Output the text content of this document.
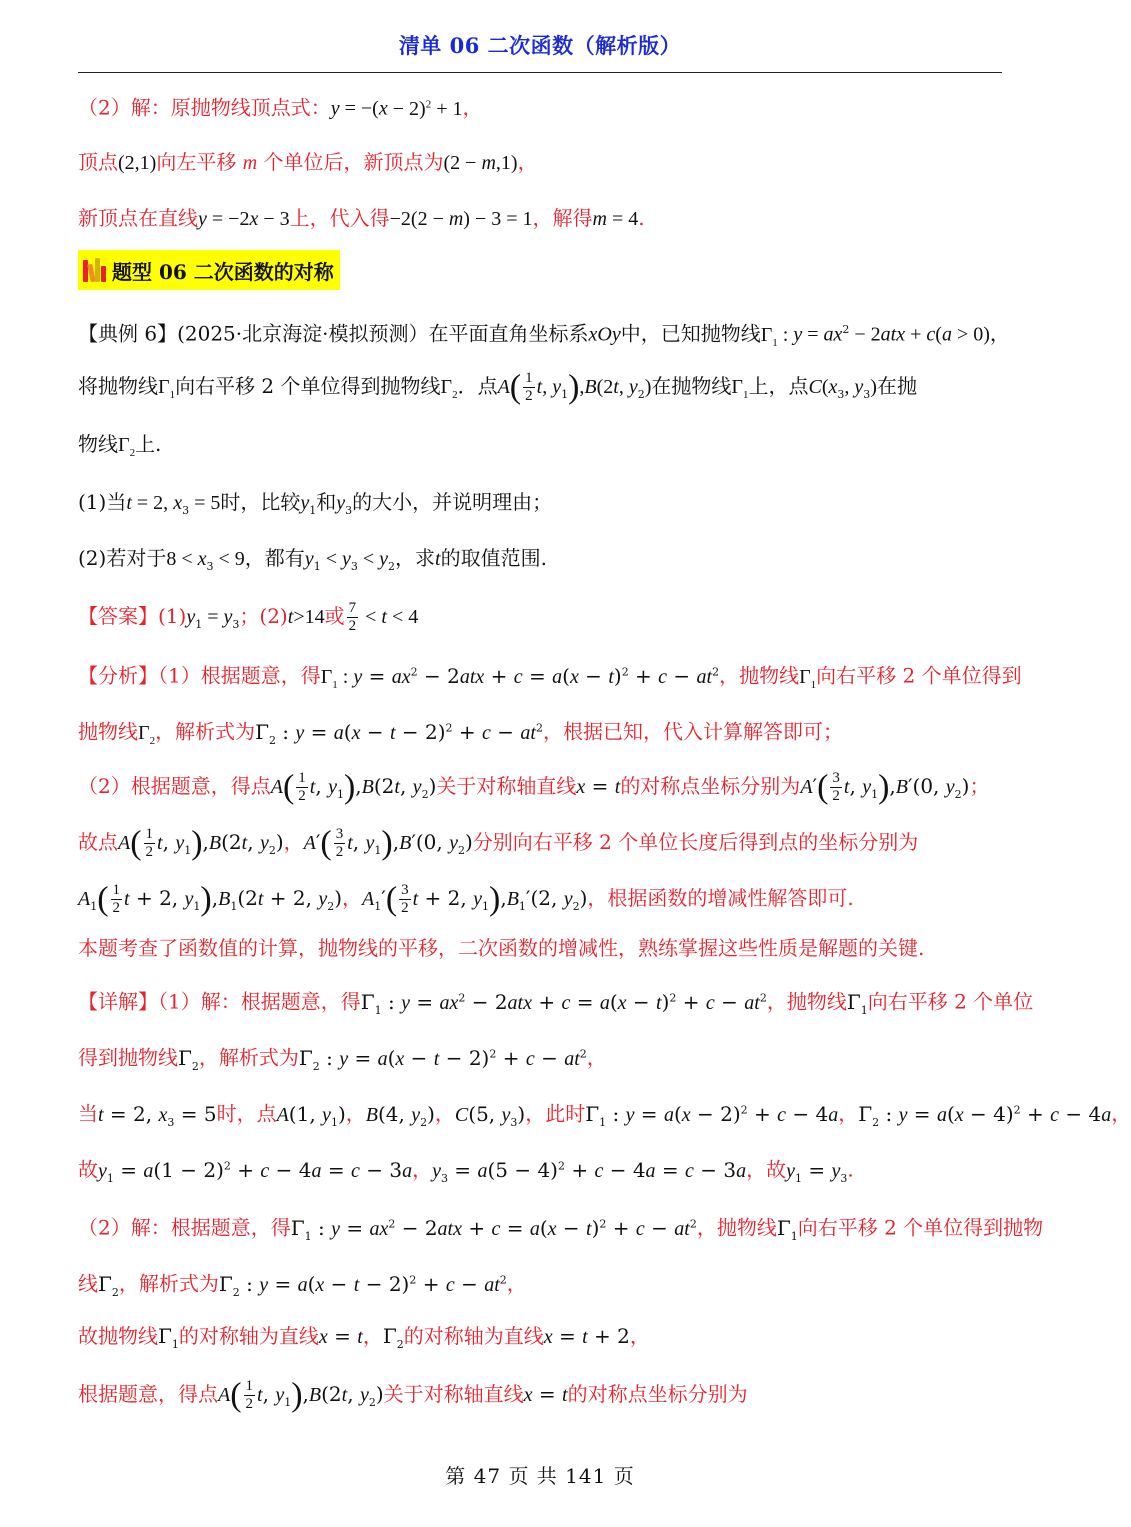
清单 06 二次函数（解析版）
（2）解：原抛物线顶点式：$y = -(x - 2)^2 + 1$，
顶点(2,1)向左平移 m 个单位后，新顶点为(2 − m,1)，
新顶点在直线y = −2x − 3上，代入得−2(2 − m) − 3 = 1，解得m = 4.
题型 06 二次函数的对称
【典例 6】(2025·北京海淀·模拟预测）在平面直角坐标系xOy中，已知抛物线$\Gamma_1$ : $y = ax^2 - 2atx + c(a > 0)$，
将抛物线$\Gamma_1$向右平移 2 个单位得到抛物线$\Gamma_2$．点$A( \frac{1}{2} t$, $y_1),B(2t$, $y_2$)在抛物线$\Gamma_1$上，点$C(x_3$, $y_3$)在抛
物线$\Gamma_2$上.
(1)当t = 2, $x_3 = 5$时，比较$y_1$和$y_3$的大小，并说明理由；
(2)若对于$8 < x_3 < 9$，都有$y_1 < y_3 < y_2$，求t的取值范围.
【答案】$(1)y_1 = y_3$；(2)t>14或 $\frac{7}{2} < t < 4$
【分析】（1）根据题意，得$\Gamma_1$ : $y = ax^2 - 2atx + c = a(x - t)^2 + c - at^2$，抛物线$\Gamma_1$向右平移 2 个单位得到
抛物线$\Gamma_2$，解析式为$\Gamma_2$ : $y = a(x - t - 2)^2 + c - at^2$，根据已知，代入计算解答即可；
（2）根据题意，得点$A( \frac{1}{2} t$, $y_1),B(2t$, $y_2$)关于对称轴直线x = t的对称点坐标分别为$A'( \frac{3}{2} t$, $y_1),B'(0$, $y_2$)；
故点$A( \frac{1}{2} t$, $y_1),B(2t$, $y_2$)，$A'( \frac{3}{2} t$, $y_1),B'(0$, $y_2$)分别向右平移 2 个单位长度后得到点的坐标分别为
$A_1( \frac{1}{2}$ t + 2, $y_1),B_1(2t + 2$, $y_2$)，$A_1'( \frac{3}{2}$ t + 2, $y_1),B_1'(2$, $y_2$)，根据函数的增减性解答即可.
本题考查了函数值的计算，抛物线的平移，二次函数的增减性，熟练掌握这些性质是解题的关键.
【详解】（1）解：根据题意，得$\Gamma_1$ : $y = ax^2 - 2atx + c = a(x - t)^2 + c - at^2$，抛物线$\Gamma_1$向右平移 2 个单位
得到抛物线$\Gamma_2$，解析式为$\Gamma_2$ : $y = a(x - t - 2)^2 + c - at^2$，
当t = 2, $x_3 = 5$时，点A(1, $y_1$)，B(4, $y_2$)，C(5, $y_3$)，此时$\Gamma_1$ : $y = a(x - 2)^2 + c - 4a$，$\Gamma_2$ : $y = a(x - 4)^2 + c - 4a$，
故$y_1 = a(1 - 2)^2 + c - 4a = c - 3a$，$y_3 = a(5 - 4)^2 + c - 4a = c - 3a$，故$y_1 = y_3$.
（2）解：根据题意，得$\Gamma_1$ : $y = ax^2 - 2atx + c = a(x - t)^2 + c - at^2$，抛物线$\Gamma_1$向右平移 2 个单位得到抛物
线$\Gamma_2$，解析式为$\Gamma_2$ : $y = a(x - t - 2)^2 + c - at^2$，
故抛物线$\Gamma_1$的对称轴为直线x = t，$\Gamma_2$的对称轴为直线x = t + 2，
根据题意，得点$A( \frac{1}{2} t$, $y_1),B(2t$, $y_2$)关于对称轴直线x = t的对称点坐标分别为
第 47 页 共 141 页
